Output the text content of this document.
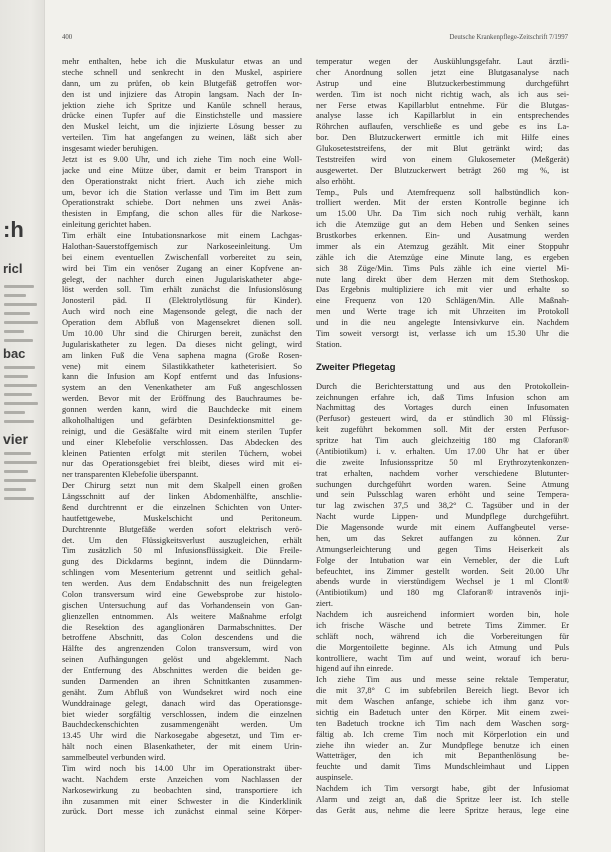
:h
ricl
bac
vier
400	Deutsche Krankenpflege-Zeitschrift 7/1997
mehr enthalten, hebe ich die Muskulatur etwas an und
steche schnell und senkrecht in den Muskel, aspiriere
dann, um zu prüfen, ob kein Blutgefäß getroffen wor-
den ist und injiziere das Atropin langsam. Nach der In-
jektion ziehe ich Spritze und Kanüle schnell heraus,
drücke einen Tupfer auf die Einstichstelle und massiere
den Muskel leicht, um die injizierte Lösung besser zu
verteilen. Tim hat angefangen zu weinen, läßt sich aber
insgesamt wieder beruhigen.
Jetzt ist es 9.00 Uhr, und ich ziehe Tim noch eine Woll-
jacke und eine Mütze über, damit er beim Transport in
den Operationstrakt nicht friert. Auch ich ziehe mich
um, bevor ich die Station verlasse und Tim im Bett zum
Operationstrakt schiebe. Dort nehmen uns zwei Anäs-
thesisten in Empfang, die schon alles für die Narkose-
einleitung gerichtet haben.
Tim erhält eine Intubationsnarkose mit einem Lachgas-
Halothan-Sauerstoffgemisch zur Narkoseeinleitung. Um
bei einem eventuellen Zwischenfall vorbereitet zu sein,
wird bei Tim ein venöser Zugang an einer Kopfvene an-
gelegt, der nachher durch einen Jugulariskatheter abge-
löst werden soll. Tim erhält zunächst die Infusionslösung
Jonosteril päd. II (Elektrolytlösung für Kinder).
Auch wird noch eine Magensonde gelegt, die nach der
Operation dem Abfluß von Magensekret dienen soll.
Um 10.00 Uhr sind die Chirurgen bereit, zunächst den
Jugulariskatheter zu legen. Da dieses nicht gelingt, wird
am linken Fuß die Vena saphena magna (Große Rosen-
vene) mit einem Silastikkatheter katheterisiert. So
kann die Infusion am Kopf entfernt und das Infusions-
system an den Venenkatheter am Fuß angeschlossen
werden. Bevor mit der Eröffnung des Bauchraumes be-
gonnen werden kann, wird die Bauchdecke mit einem
alkoholhaltigen und gefärbten Desinfektionsmittel ge-
reinigt, und die Gesäßfalte wird mit einem sterilen Tupfer
und einer Klebefolie verschlossen. Das Abdecken des
kleinen Patienten erfolgt mit sterilen Tüchern, wobei
nur das Operationsgebiet frei bleibt, dieses wird mit ei-
ner transparenten Klebefolie überspannt.
Der Chirurg setzt nun mit dem Skalpell einen großen
Längsschnitt auf der linken Abdomenhälfte, anschlie-
ßend durchtrennt er die einzelnen Schichten von Unter-
hautfettgewebe, Muskelschicht und Peritoneum.
Durchtrennte Blutgefäße werden sofort elektrisch verö-
det. Um den Flüssigkeitsverlust auszugleichen, erhält
Tim zusätzlich 50 ml Infusionsflüssigkeit. Die Freile-
gung des Dickdarms beginnt, indem die Dünndarm-
schlingen vom Mesenterium getrennt und seitlich gehal-
ten werden. Aus dem Endabschnitt des nun freigelegten
Colon transversum wird eine Gewebsprobe zur histolo-
gischen Untersuchung auf das Vorhandensein von Gan-
glienzellen entnommen. Als weitere Maßnahme erfolgt
die Resektion des aganglionären Darmabschnittes. Der
betroffene Abschnitt, das Colon descendens und die
Hälfte des angrenzenden Colon transversum, wird von
seinen Aufhängungen gelöst und abgeklemmt. Nach
der Entfernung des Abschnittes werden die beiden ge-
sunden Darmenden an ihren Schnittkanten zusammen-
genäht. Zum Abfluß von Wundsekret wird noch eine
Wunddrainage gelegt, danach wird das Operationsge-
biet wieder sorgfältig verschlossen, indem die einzelnen
Bauchdeckenschichten zusammengenäht werden. Um
13.45 Uhr wird die Narkosegabe abgesetzt, und Tim er-
hält noch einen Blasenkatheter, der mit einem Urin-
sammelbeutel verbunden wird.
Tim wird noch bis 14.00 Uhr im Operationstrakt über-
wacht. Nachdem erste Anzeichen vom Nachlassen der
Narkosewirkung zu beobachten sind, transportiere ich
ihn zusammen mit einer Schwester in die Kinderklinik
zurück. Dort messe ich zunächst einmal seine Körper-
temperatur wegen der Auskühlungsgefahr. Laut ärztli-
cher Anordnung sollen jetzt eine Blutgasanalyse nach
Astrup und eine Blutzuckerbestimmung durchgeführt
werden. Tim ist noch nicht richtig wach, als ich aus sei-
ner Ferse etwas Kapillarblut entnehme. Für die Blutgas-
analyse lasse ich Kapillarblut in ein entsprechendes
Röhrchen auflaufen, verschließe es und gebe es ins La-
bor. Den Blutzuckerwert ermittle ich mit Hilfe eines
Glukoseteststreifens, der mit Blut getränkt wird; das
Teststreifen wird von einem Glukosemeter (Meßgerät)
ausgewertet. Der Blutzuckerwert beträgt 260 mg %, ist
also erhöht.
Temp., Puls und Atemfrequenz soll halbstündlich kon-
trolliert werden. Mit der ersten Kontrolle beginne ich
um 15.00 Uhr. Da Tim sich noch ruhig verhält, kann
ich die Atemzüge gut an dem Heben und Senken seines
Brustkorbes erkennen. Ein- und Ausatmung werden
immer als ein Atemzug gezählt. Mit einer Stoppuhr
zähle ich die Atemzüge eine Minute lang, es ergeben
sich 38 Züge/Min. Tims Puls zähle ich eine viertel Mi-
nute lang direkt über dem Herzen mit dem Stethoskop.
Das Ergebnis multipliziere ich mit vier und erhalte so
eine Frequenz von 120 Schlägen/Min. Alle Maßnah-
men und Werte trage ich mit Uhrzeiten im Protokoll
und in die neu angelegte Intensivkurve ein. Nachdem
Tim soweit versorgt ist, verlasse ich um 15.30 Uhr die
Station.
Zweiter Pflegetag
Durch die Berichterstattung und aus den Protokollein-
zeichnungen erfahre ich, daß Tims Infusion schon am
Nachmittag des Vortages durch einen Infusomaten
(Perfusor) gesteuert wird, da er stündlich 30 ml Flüssig-
keit zugeführt bekommen soll. Mit der ersten Perfusor-
spritze hat Tim auch gleichzeitig 180 mg Claforan®
(Antibiotikum) i. v. erhalten. Um 17.00 Uhr hat er über
die zweite Infusionsspritze 50 ml Erythrozytenkonzen-
trat erhalten, nachdem vorher verschiedene Blutunter-
suchungen durchgeführt worden waren. Seine Atmung
und sein Pulsschlag waren erhöht und seine Tempera-
tur lag zwischen 37,5 und 38,2° C. Tagsüber und in der
Nacht wurde Lippen- und Mundpflege durchgeführt.
Die Magensonde wurde mit einem Auffangbeutel verse-
hen, um das Sekret auffangen zu können. Zur
Atmungserleichterung und gegen Tims Heiserkeit als
Folge der Intubation war ein Vernebler, der die Luft
befeuchtet, ins Zimmer gestellt worden. Seit 20.00 Uhr
abends wurde in vierstündigem Wechsel je 1 ml Clont®
(Antibiotikum) und 180 mg Claforan® intravenös inji-
ziert.
Nachdem ich ausreichend informiert worden bin, hole
ich frische Wäsche und betrete Tims Zimmer. Er
schläft noch, während ich die Vorbereitungen für
die Morgentoilette beginne. Als ich Atmung und Puls
kontrolliere, wacht Tim auf und weint, worauf ich beru-
higend auf ihn einrede.
Ich ziehe Tim aus und messe seine rektale Temperatur,
die mit 37,8° C im subfebrilen Bereich liegt. Bevor ich
mit dem Waschen anfange, schiebe ich ihm ganz vor-
sichtig ein Badetuch unter den Körper. Mit einem zwei-
ten Badetuch trockne ich Tim nach dem Waschen sorg-
fältig ab. Ich creme Tim noch mit Körperlotion ein und
ziehe ihn wieder an. Zur Mundpflege benutze ich einen
Watteträger, den ich mit Bepanthenlösung be-
feuchte und damit Tims Mundschleimhaut und Lippen
auspinsele.
Nachdem ich Tim versorgt habe, gibt der Infusiomat
Alarm und zeigt an, daß die Spritze leer ist. Ich stelle
das Gerät aus, nehme die leere Spritze heraus, lege eine
